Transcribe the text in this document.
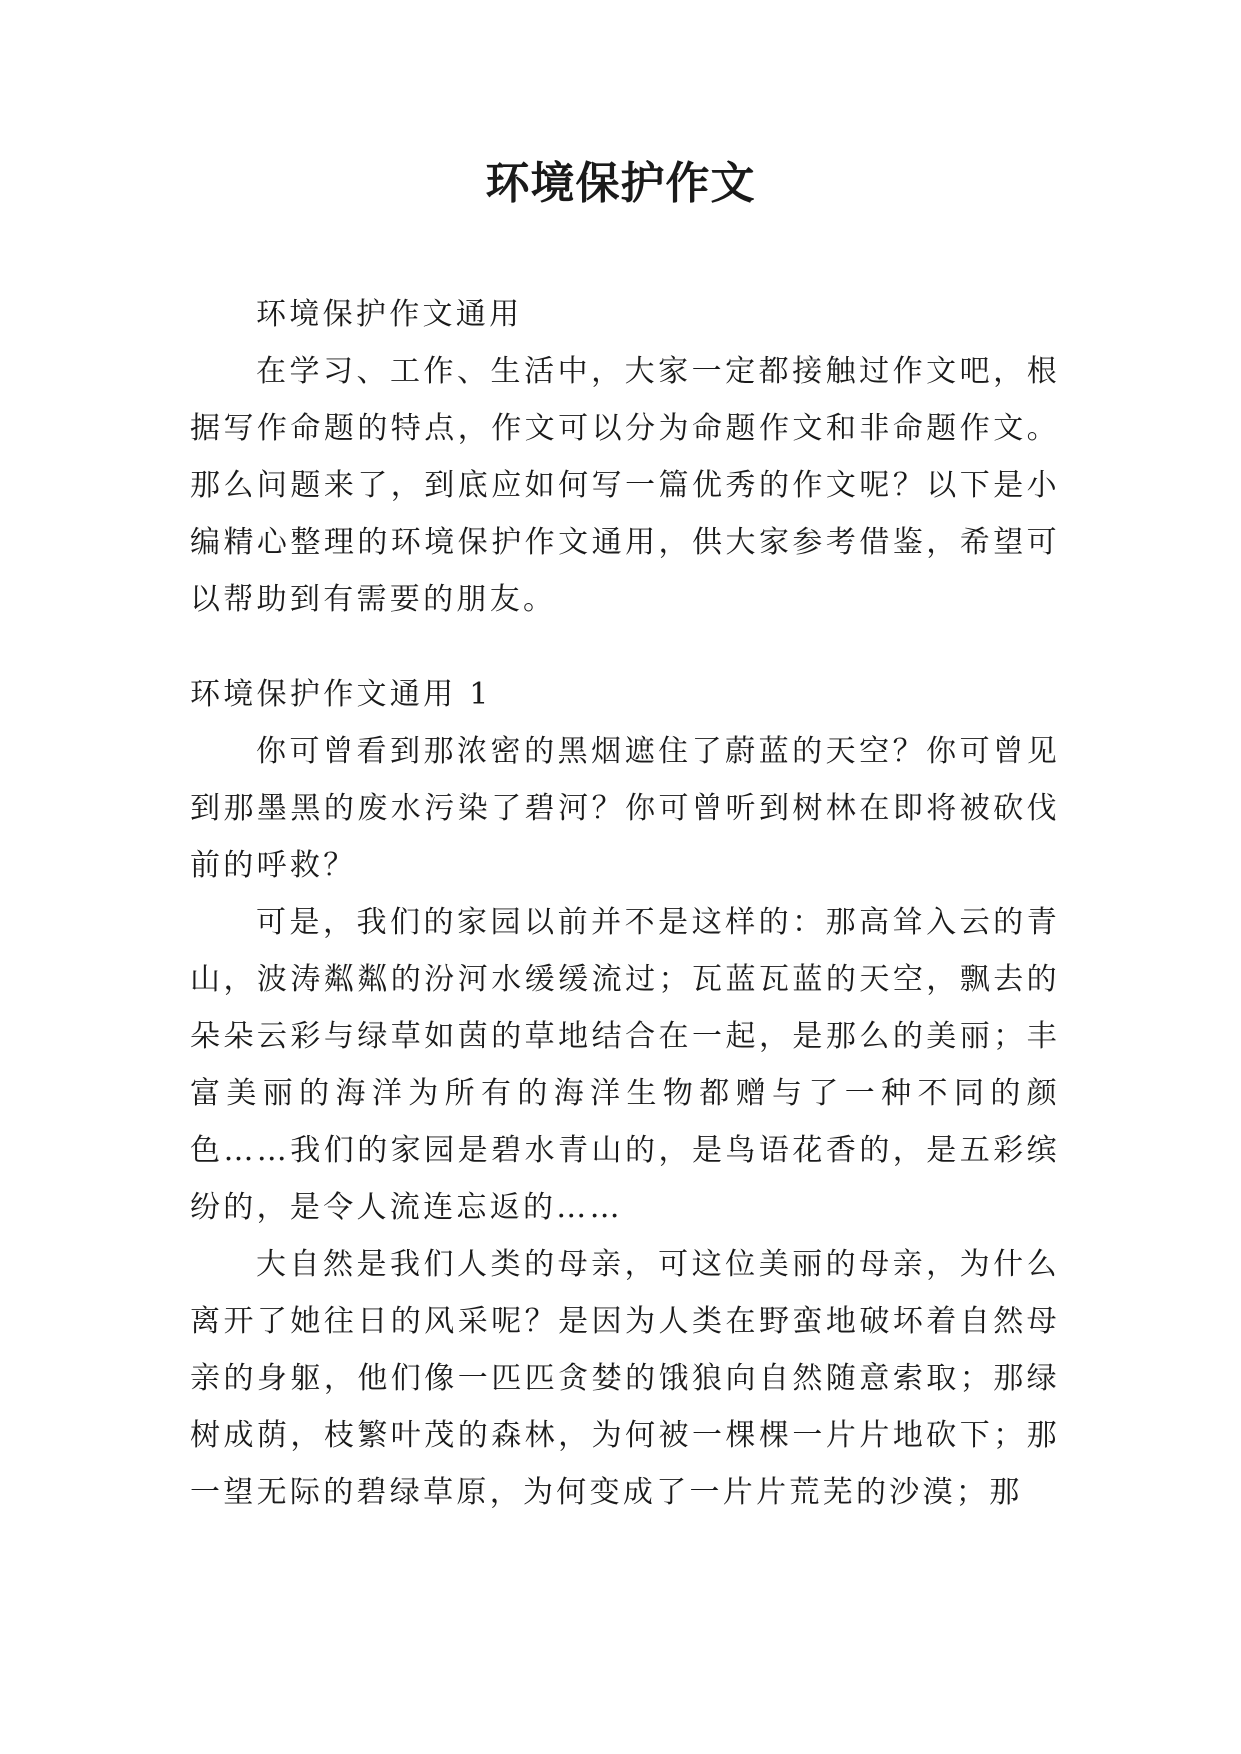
环境保护作文

环境保护作文通用

在学习、工作、生活中，大家一定都接触过作文吧，根据写作命题的特点，作文可以分为命题作文和非命题作文。那么问题来了，到底应如何写一篇优秀的作文呢？以下是小编精心整理的环境保护作文通用，供大家参考借鉴，希望可以帮助到有需要的朋友。

环境保护作文通用 1

你可曾看到那浓密的黑烟遮住了蔚蓝的天空？你可曾见到那墨黑的废水污染了碧河？你可曾听到树林在即将被砍伐前的呼救？

可是，我们的家园以前并不是这样的：那高耸入云的青山，波涛粼粼的汾河水缓缓流过；瓦蓝瓦蓝的天空，飘去的朵朵云彩与绿草如茵的草地结合在一起，是那么的美丽；丰富美丽的海洋为所有的海洋生物都赠与了一种不同的颜色……我们的家园是碧水青山的，是鸟语花香的，是五彩缤纷的，是令人流连忘返的……

大自然是我们人类的母亲，可这位美丽的母亲，为什么离开了她往日的风采呢？是因为人类在野蛮地破坏着自然母亲的身躯，他们像一匹匹贪婪的饿狼向自然随意索取；那绿树成荫，枝繁叶茂的森林，为何被一棵棵一片片地砍下；那一望无际的碧绿草原，为何变成了一片片荒芜的沙漠；那
